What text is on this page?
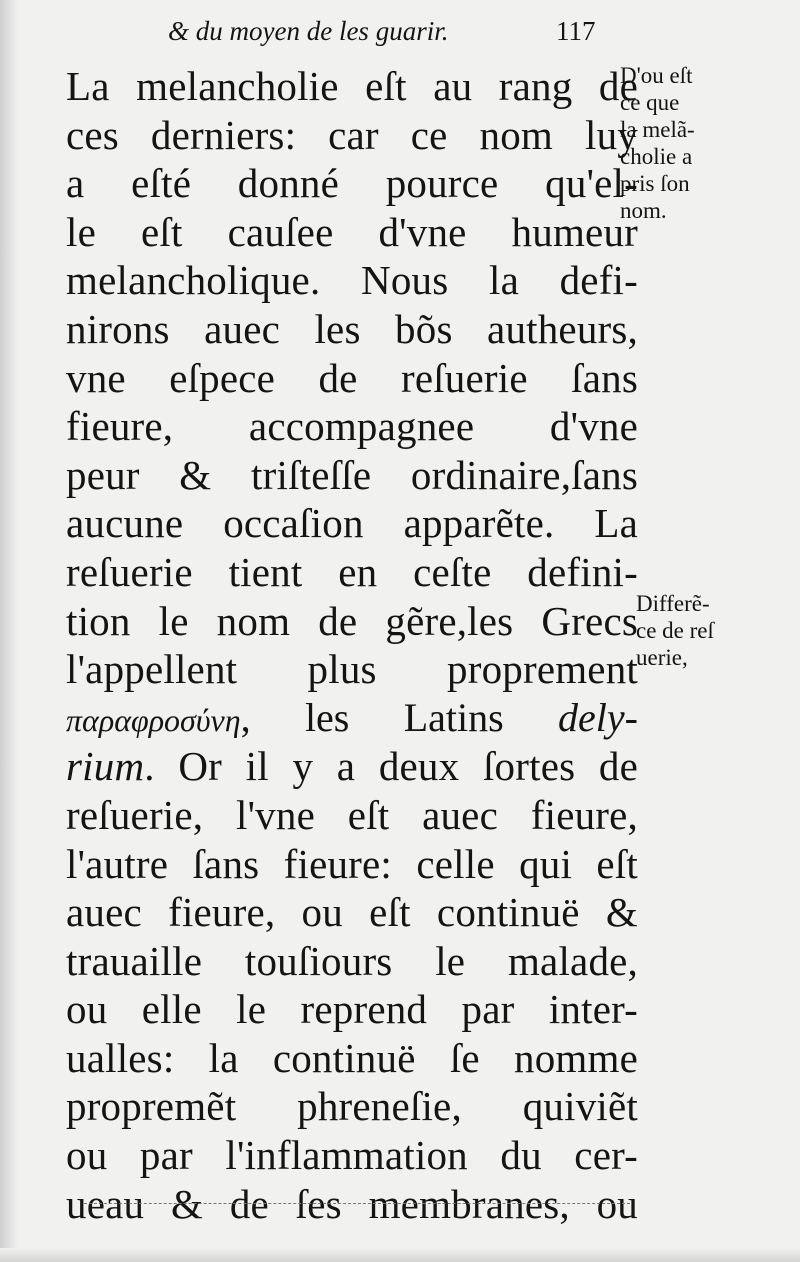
& du moyen de les guarir.	117
La melancholie eſt au rang de
ces derniers: car ce nom luy
a eſté donné pource qu'el-
le eſt cauſee d'vne humeur
melancholique. Nous la defi-
nirons auec les bõs autheurs,
vne eſpece de reſuerie ſans
fieure, accompagnee d'vne
peur & triſteſſe ordinaire,ſans
aucune occaſion apparẽte. La
reſuerie tient en ceſte defini-
tion le nom de gẽre,les Grecs
l'appellent plus proprement
παραφροσύνη, les Latins dely-
rium. Or il y a deux ſortes de
reſuerie, l'vne eſt auec fieure,
l'autre ſans fieure: celle qui eſt
auec fieure, ou eſt continuë &
trauaille touſiours le malade,
ou elle le reprend par inter-
ualles: la continuë ſe nomme
propremẽt phreneſie, quiviẽt
ou par l'inflammation du cer-
ueau & de ſes membranes, ou
D'ou eſt
ce que
la melã-
cholie a
pris ſon
nom.
Differẽ-
ce de reſ
uerie,
